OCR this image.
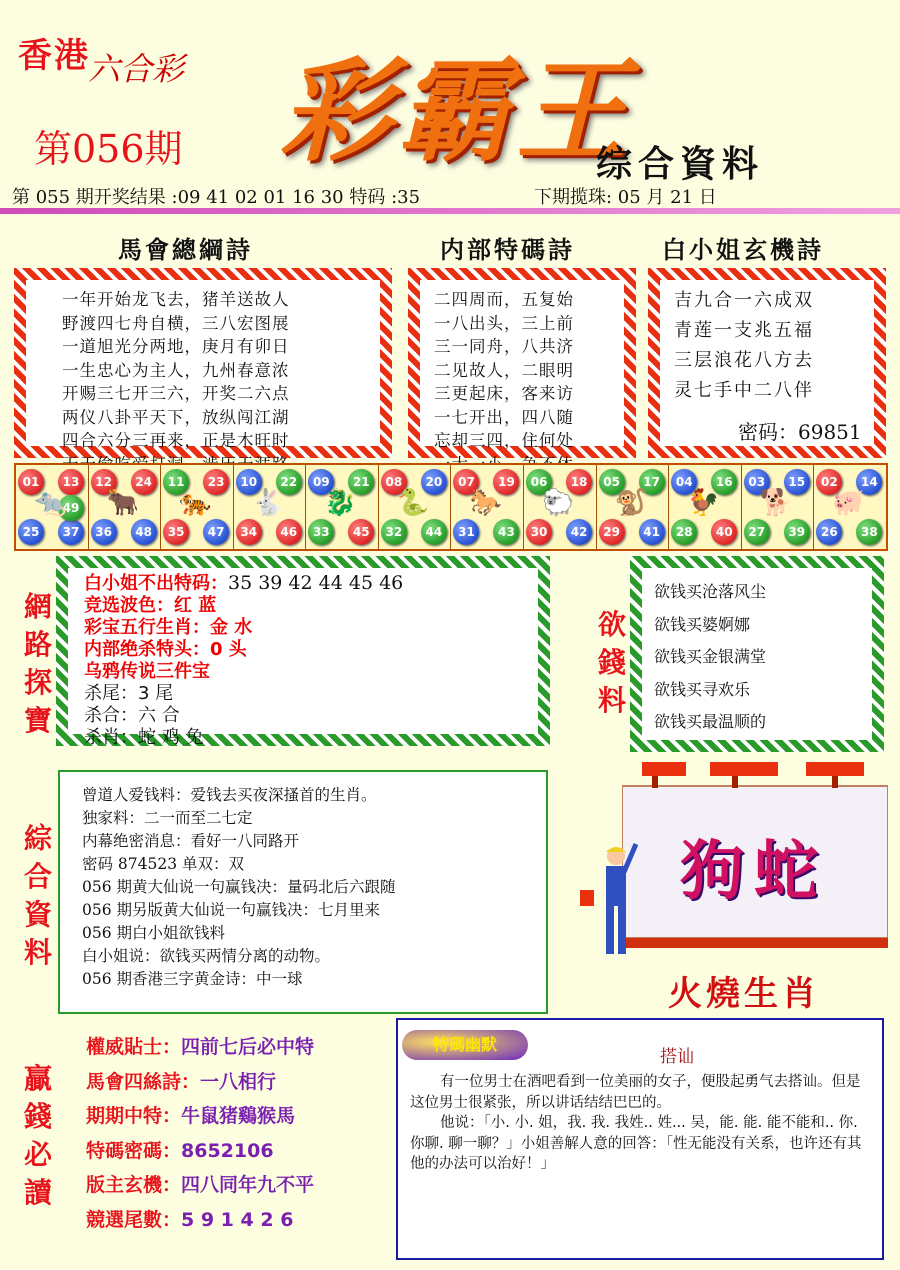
香港
六合彩
第056期 彩霸王
综合資料
第 055 期开奖结果 :09 41 02 01 16 30 特码 :35	下期揽珠: 05 月 21 日
馬會總綱詩	内部特碼詩	白小姐玄機詩
一年开始龙飞去，猪羊送故人
野渡四七舟自横，三八宏图展
一道旭光分两地，庚月有卯日
一生忠心为主人，九州春意浓
开赐三七开三六，开奖二六点
两仪八卦平天下，放纵闯江湖
四合六分三再来，正是木旺时
二四周而，五复始
一八出头，三上前
三一同舟，八共济
二见故人，二眼明
三更起床，客来访
一七开出，四八随
忘却三四，住何处
吉九合一六成双
青莲一支兆五福
三层浪花八方去
灵七手中二八伴
密码：69851
01	13
25	37
49
🐀
12	24
36	48
🐂
11	23
35	47
🐅
10	22
34	46
🐇
09	21
33	45
🐉
08	20
32	44
🐍
07	19
31	43
🐎
06	18
30	42
🐑
05	17
29	41
🐒
04	16
28	40
🐓
03	15
27	39
🐕
02	14
26	38
🐖
網路探寶
白小姐不出特码：35 39 42 44 45 46
竞选波色：红 蓝
彩宝五行生肖：金 水
内部绝杀特头：0 头
乌鸦传说三件宝
杀尾：3 尾
杀合：六 合
杀肖：蛇 鸡 兔
欲錢料
欲钱买沧落风尘
欲钱买婆婀娜
欲钱买金银满堂
欲钱买寻欢乐
欲钱买最温顺的
綜合資料
曾道人爱钱料：爱钱去买夜深搔首的生肖。
独家料：二一而至二七定
内幕绝密消息：看好一八同路开
密码 874523 单双：双
056 期黄大仙说一句赢钱决：量码北后六跟随
056 期另版黄大仙说一句赢钱决：七月里来
056 期白小姐欲钱料
白小姐说：欲钱买两情分离的动物。
056 期香港三字黄金诗：中一球
狗蛇
火燒生肖
贏錢必讀
權威貼士：四前七后必中特
馬會四絲詩：一八相行
期期中特：牛鼠猪鷄猴馬
特碼密碼：8652106
版主玄機：四八同年九不平
競選尾數：5 9 1 4 2 6
特碼幽默
搭讪

有一位男士在酒吧看到一位美丽的女子，便股起勇气去搭讪。但是这位男士很紧张，所以讲话结结巴巴的。

他说：「小. 小. 姐，我. 我. 我姓.. 姓... 吴，能. 能. 能不能和.. 你. 你聊. 聊一聊？」小姐善解人意的回答：「性无能没有关系，也许还有其他的办法可以治好！」
